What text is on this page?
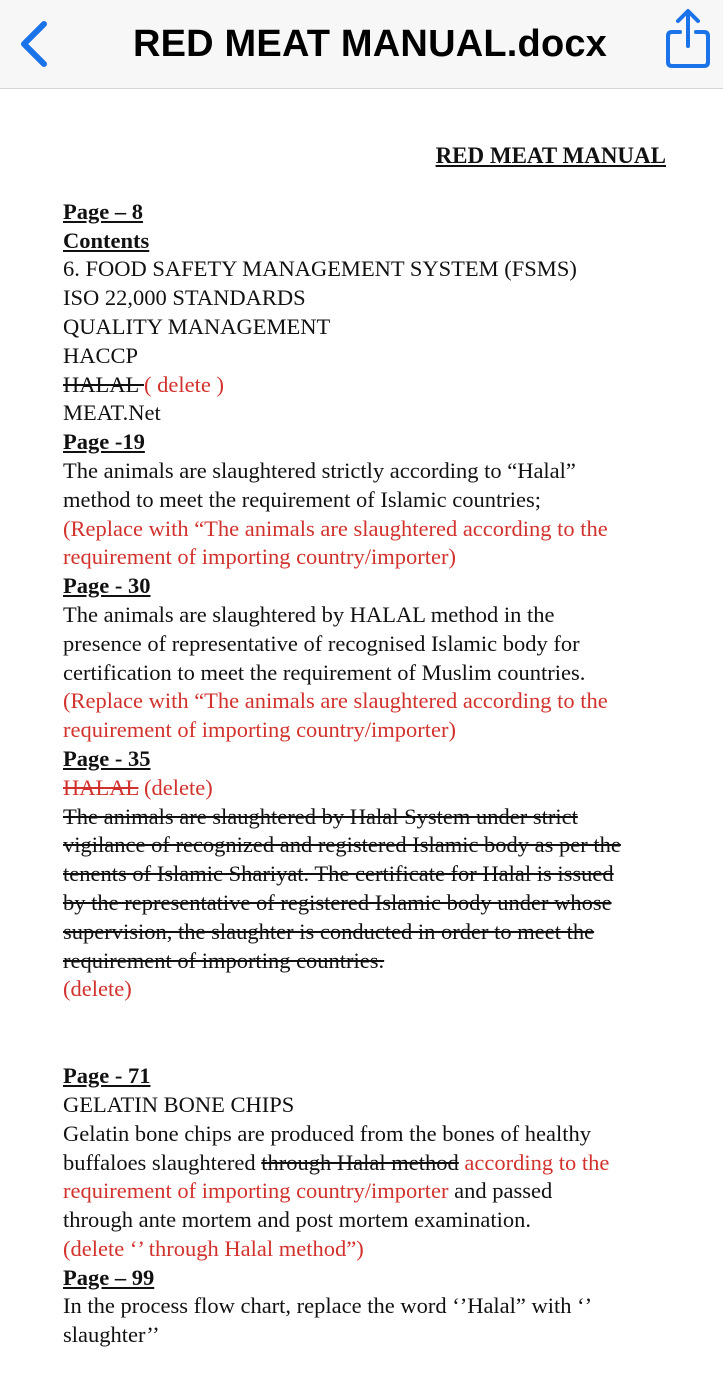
RED MEAT MANUAL.docx
RED MEAT MANUAL
Page – 8
Contents
6. FOOD SAFETY MANAGEMENT SYSTEM (FSMS)
ISO 22,000 STANDARDS
QUALITY MANAGEMENT
HACCP
HALAL ( delete )
MEAT.Net
Page -19
The animals are slaughtered strictly according to “Halal”
method to meet the requirement of Islamic countries;
(Replace with “The animals are slaughtered according to the
requirement of importing country/importer)
Page - 30
The animals are slaughtered by HALAL method in the
presence of representative of recognised Islamic body for
certification to meet the requirement of Muslim countries.
(Replace with “The animals are slaughtered according to the
requirement of importing country/importer)
Page - 35
HALAL (delete)
The animals are slaughtered by Halal System under strict
vigilance of recognized and registered Islamic body as per the
tenents of Islamic Shariyat. The certificate for Halal is issued
by the representative of registered Islamic body under whose
supervision, the slaughter is conducted in order to meet the
requirement of importing countries.
(delete)
Page - 71
GELATIN BONE CHIPS
Gelatin bone chips are produced from the bones of healthy
buffaloes slaughtered through Halal method according to the
requirement of importing country/importer and passed
through ante mortem and post mortem examination.
(delete ‘’ through Halal method”)
Page – 99
In the process flow chart, replace the word ‘’Halal” with ‘’
slaughter’’
